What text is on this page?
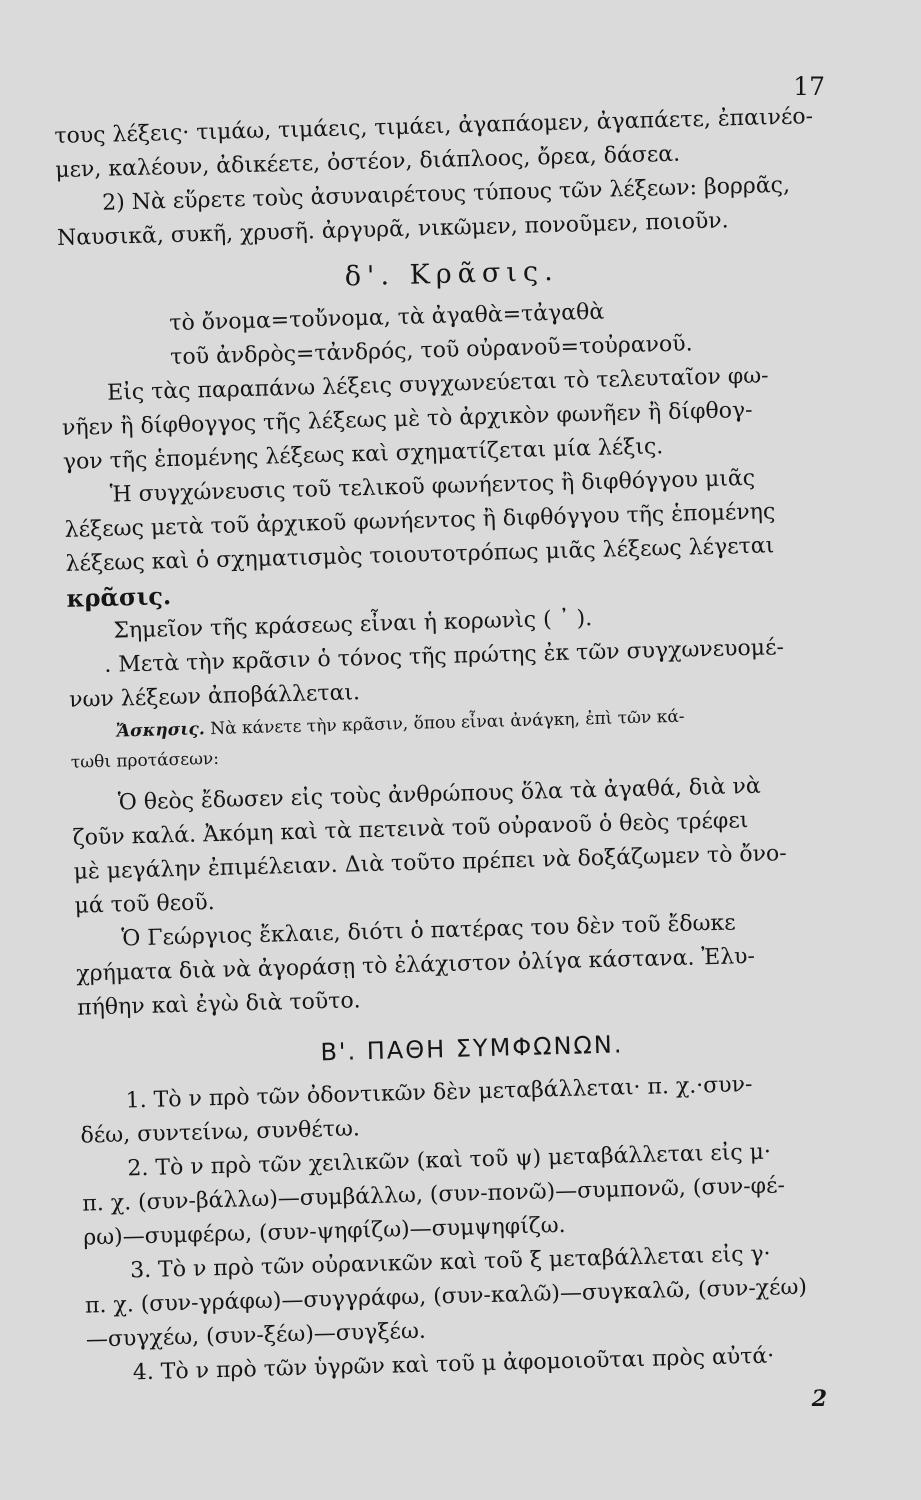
17

τους λέξεις· τιμάω, τιμάεις, τιμάει, ἀγαπάομεν, ἀγαπάετε, ἐπαινέο-

μεν, καλέουν, ἀδικέετε, ὀστέον, διάπλοος, ὄρεα, δάσεα.

2) Νὰ εὕρετε τοὺς ἀσυναιρέτους τύπους τῶν λέξεων: βορρᾶς,

Ναυσικᾶ, συκῆ, χρυσῆ. ἀργυρᾶ, νικῶμεν, πονοῦμεν, ποιοῦν.

δ'. Κρᾶσις.

τὸ ὄνομα=τοὔνομα, τὰ ἀγαθὰ=τἀγαθὰ

τοῦ ἀνδρὸς=τἀνδρός, τοῦ οὐρανοῦ=τοὐρανοῦ.

Εἰς τὰς παραπάνω λέξεις συγχωνεύεται τὸ τελευταῖον φω-

νῆεν ἢ δίφθογγος τῆς λέξεως μὲ τὸ ἀρχικὸν φωνῆεν ἢ δίφθογ-

γον τῆς ἑπομένης λέξεως καὶ σχηματίζεται μία λέξις.

Ἡ συγχώνευσις τοῦ τελικοῦ φωνήεντος ἢ διφθόγγου μιᾶς

λέξεως μετὰ τοῦ ἀρχικοῦ φωνήεντος ἢ διφθόγγου τῆς ἑπομένης

λέξεως καὶ ὁ σχηματισμὸς τοιουτοτρόπως μιᾶς λέξεως λέγεται

κρᾶσις.

Σημεῖον τῆς κράσεως εἶναι ἡ κορωνὶς ( ᾿ ).

. Μετὰ τὴν κρᾶσιν ὁ τόνος τῆς πρώτης ἐκ τῶν συγχωνευομέ-

νων λέξεων ἀποβάλλεται.

Ἄσκησις. Νὰ κάνετε τὴν κρᾶσιν, ὅπου εἶναι ἀνάγκη, ἐπὶ τῶν κά-

τωθι προτάσεων:

Ὁ θεὸς ἔδωσεν εἰς τοὺς ἀνθρώπους ὅλα τὰ ἀγαθά, διὰ νὰ

ζοῦν καλά. Ἀκόμη καὶ τὰ πετεινὰ τοῦ οὐρανοῦ ὁ θεὸς τρέφει

μὲ μεγάλην ἐπιμέλειαν. Διὰ τοῦτο πρέπει νὰ δοξάζωμεν τὸ ὄνο-

μά τοῦ θεοῦ.

Ὁ Γεώργιος ἔκλαιε, διότι ὁ πατέρας του δὲν τοῦ ἔδωκε

χρήματα διὰ νὰ ἀγοράσῃ τὸ ἐλάχιστον ὀλίγα κάστανα. Ἐλυ-

πήθην καὶ ἐγὼ διὰ τοῦτο.

Β'. ΠΑΘΗ ΣΥΜΦΩΝΩΝ.

1. Τὸ ν πρὸ τῶν ὀδοντικῶν δὲν μεταβάλλεται· π. χ.·συν-

δέω, συντείνω, συνθέτω.

2. Τὸ ν πρὸ τῶν χειλικῶν (καὶ τοῦ ψ) μεταβάλλεται εἰς μ·

π. χ. (συν-βάλλω)—συμβάλλω, (συν-πονῶ)—συμπονῶ, (συν-φέ-

ρω)—συμφέρω, (συν-ψηφίζω)—συμψηφίζω.

3. Τὸ ν πρὸ τῶν οὐρανικῶν καὶ τοῦ ξ μεταβάλλεται εἰς γ·

π. χ. (συν-γράφω)—συγγράφω, (συν-καλῶ)—συγκαλῶ, (συν-χέω)

—συγχέω, (συν-ξέω)—συγξέω.

4. Τὸ ν πρὸ τῶν ὑγρῶν καὶ τοῦ μ ἀφομοιοῦται πρὸς αὐτά·

2
